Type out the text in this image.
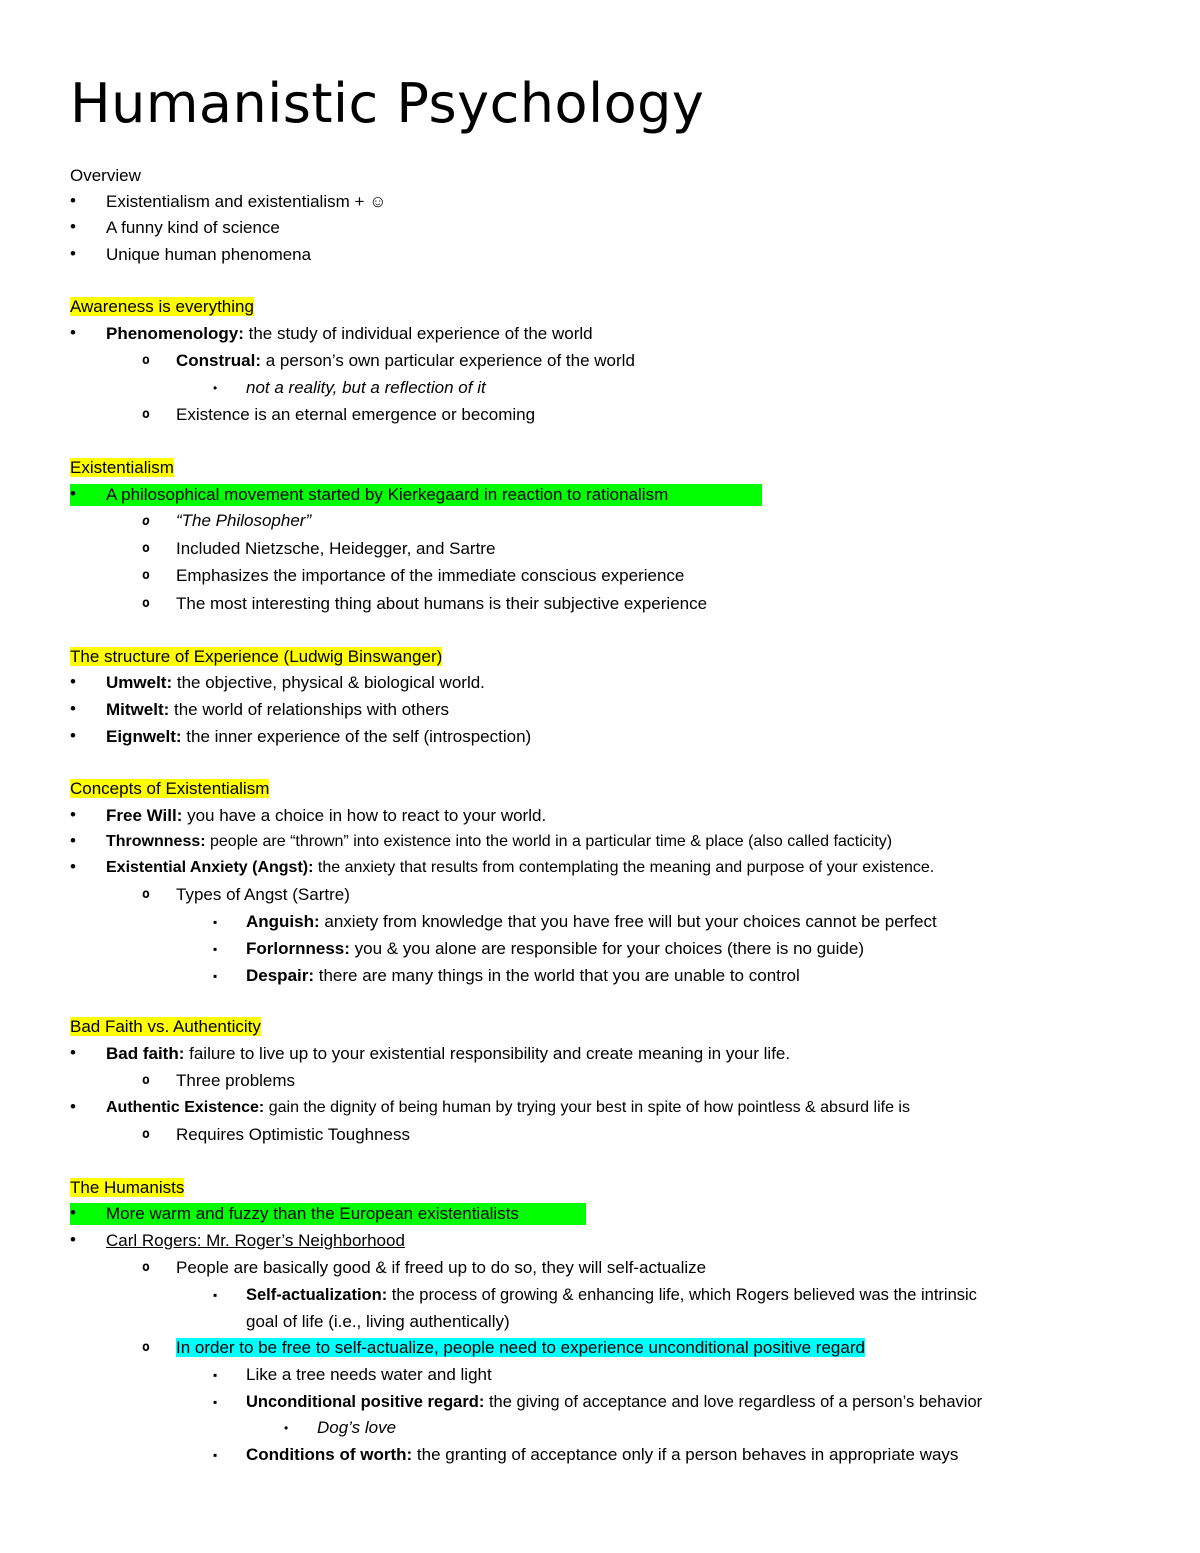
Humanistic Psychology
Overview
• Existentialism and existentialism + ☺
• A funny kind of science
• Unique human phenomena
Awareness is everything
• Phenomenology: the study of individual experience of the world
o Construal: a person’s own particular experience of the world
• not a reality, but a reflection of it
o Existence is an eternal emergence or becoming
Existentialism
• A philosophical movement started by Kierkegaard in reaction to rationalism
o “The Philosopher”
o Included Nietzsche, Heidegger, and Sartre
o Emphasizes the importance of the immediate conscious experience
o The most interesting thing about humans is their subjective experience
The structure of Experience (Ludwig Binswanger)
• Umwelt: the objective, physical & biological world.
• Mitwelt: the world of relationships with others
• Eignwelt: the inner experience of the self (introspection)
Concepts of Existentialism
• Free Will: you have a choice in how to react to your world.
• Thrownness: people are “thrown” into existence into the world in a particular time & place (also called facticity)
• Existential Anxiety (Angst): the anxiety that results from contemplating the meaning and purpose of your existence.
o Types of Angst (Sartre)
▪ Anguish: anxiety from knowledge that you have free will but your choices cannot be perfect
▪ Forlornness: you & you alone are responsible for your choices (there is no guide)
▪ Despair: there are many things in the world that you are unable to control
Bad Faith vs. Authenticity
• Bad faith: failure to live up to your existential responsibility and create meaning in your life.
o Three problems
• Authentic Existence: gain the dignity of being human by trying your best in spite of how pointless & absurd life is
o Requires Optimistic Toughness
The Humanists
• More warm and fuzzy than the European existentialists
• Carl Rogers: Mr. Roger’s Neighborhood
o People are basically good & if freed up to do so, they will self-actualize
▪ Self-actualization: the process of growing & enhancing life, which Rogers believed was the intrinsic
goal of life (i.e., living authentically)
o In order to be free to self-actualize, people need to experience unconditional positive regard
▪ Like a tree needs water and light
▪ Unconditional positive regard: the giving of acceptance and love regardless of a person’s behavior
• Dog’s love
▪ Conditions of worth: the granting of acceptance only if a person behaves in appropriate ways
